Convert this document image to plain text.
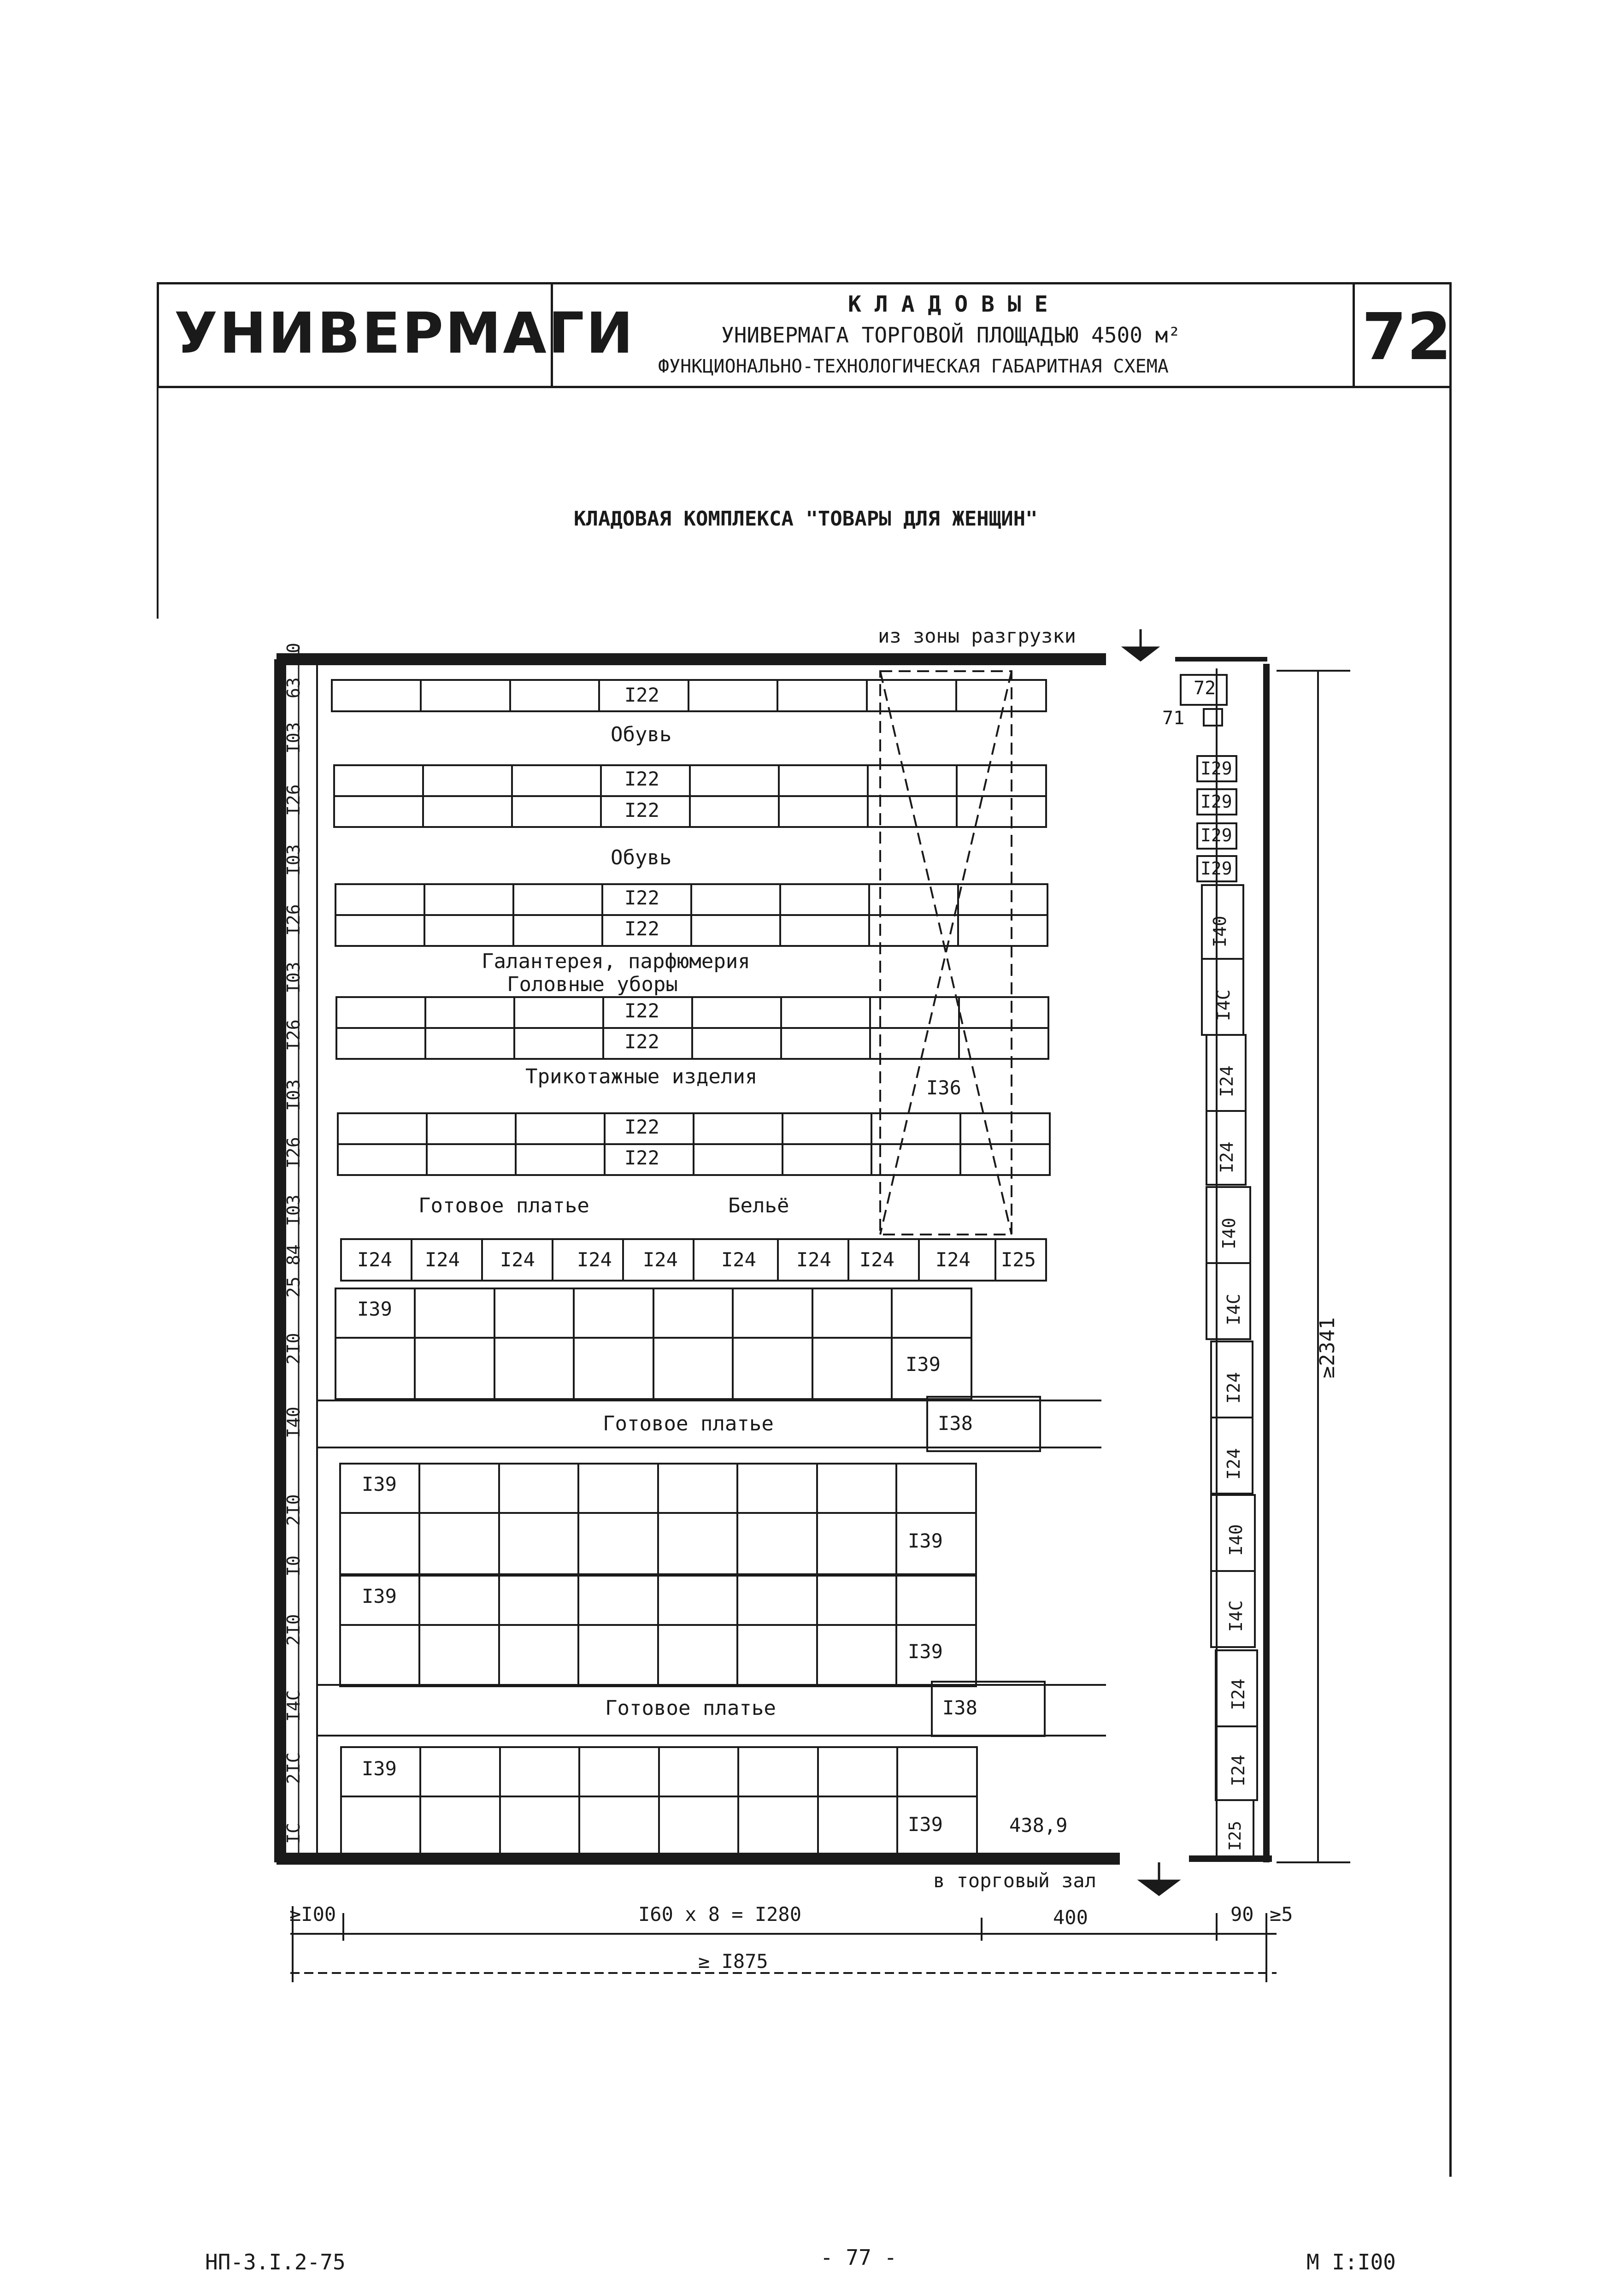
УНИВЕРМАГИ	К Л А Д О В Ы Е
УНИВЕРМАГА ТОРГОВОЙ ПЛОЩАДЬЮ 4500 м²
ФУНКЦИОНАЛЬНО-ТЕХНОЛОГИЧЕСКАЯ ГАБАРИТНАЯ СХЕМА	72
КЛАДОВАЯ КОМПЛЕКСА "ТОВАРЫ ДЛЯ ЖЕНЩИН"
из зоны разгрузки
в торговый зал
I22
I22
I22
I22
I22
I22
I22
I22
I22
Обувь
Обувь
Галантерея, парфюмерия
Головные уборы
Трикотажные изделия
Готовое платье	Бельё
Готовое платье
Готовое платье
I36
I24 I24 I24 I24 I24 I24 I24 I24 I24 I25
I39
I39
I39
I39
I39
I39
I39
I39
I38
I38
438,9
72
71
I29
I29
I29
I29
I40
I4C
I24
I24
I40
I4C
I24
I24
I40
I4C
I24
I24
I25
≥2341
30
63
I03
I26
I03
I26
I03
I26
I03
I26
I03
84
25
2I0
I40
2I0
I0
2I0
I4C
2IC
IC
≥I00	I60 x 8 = I280	400	90 ≥5
≥ I875
НП-3.I.2-75	- 77 -	М I:I00
